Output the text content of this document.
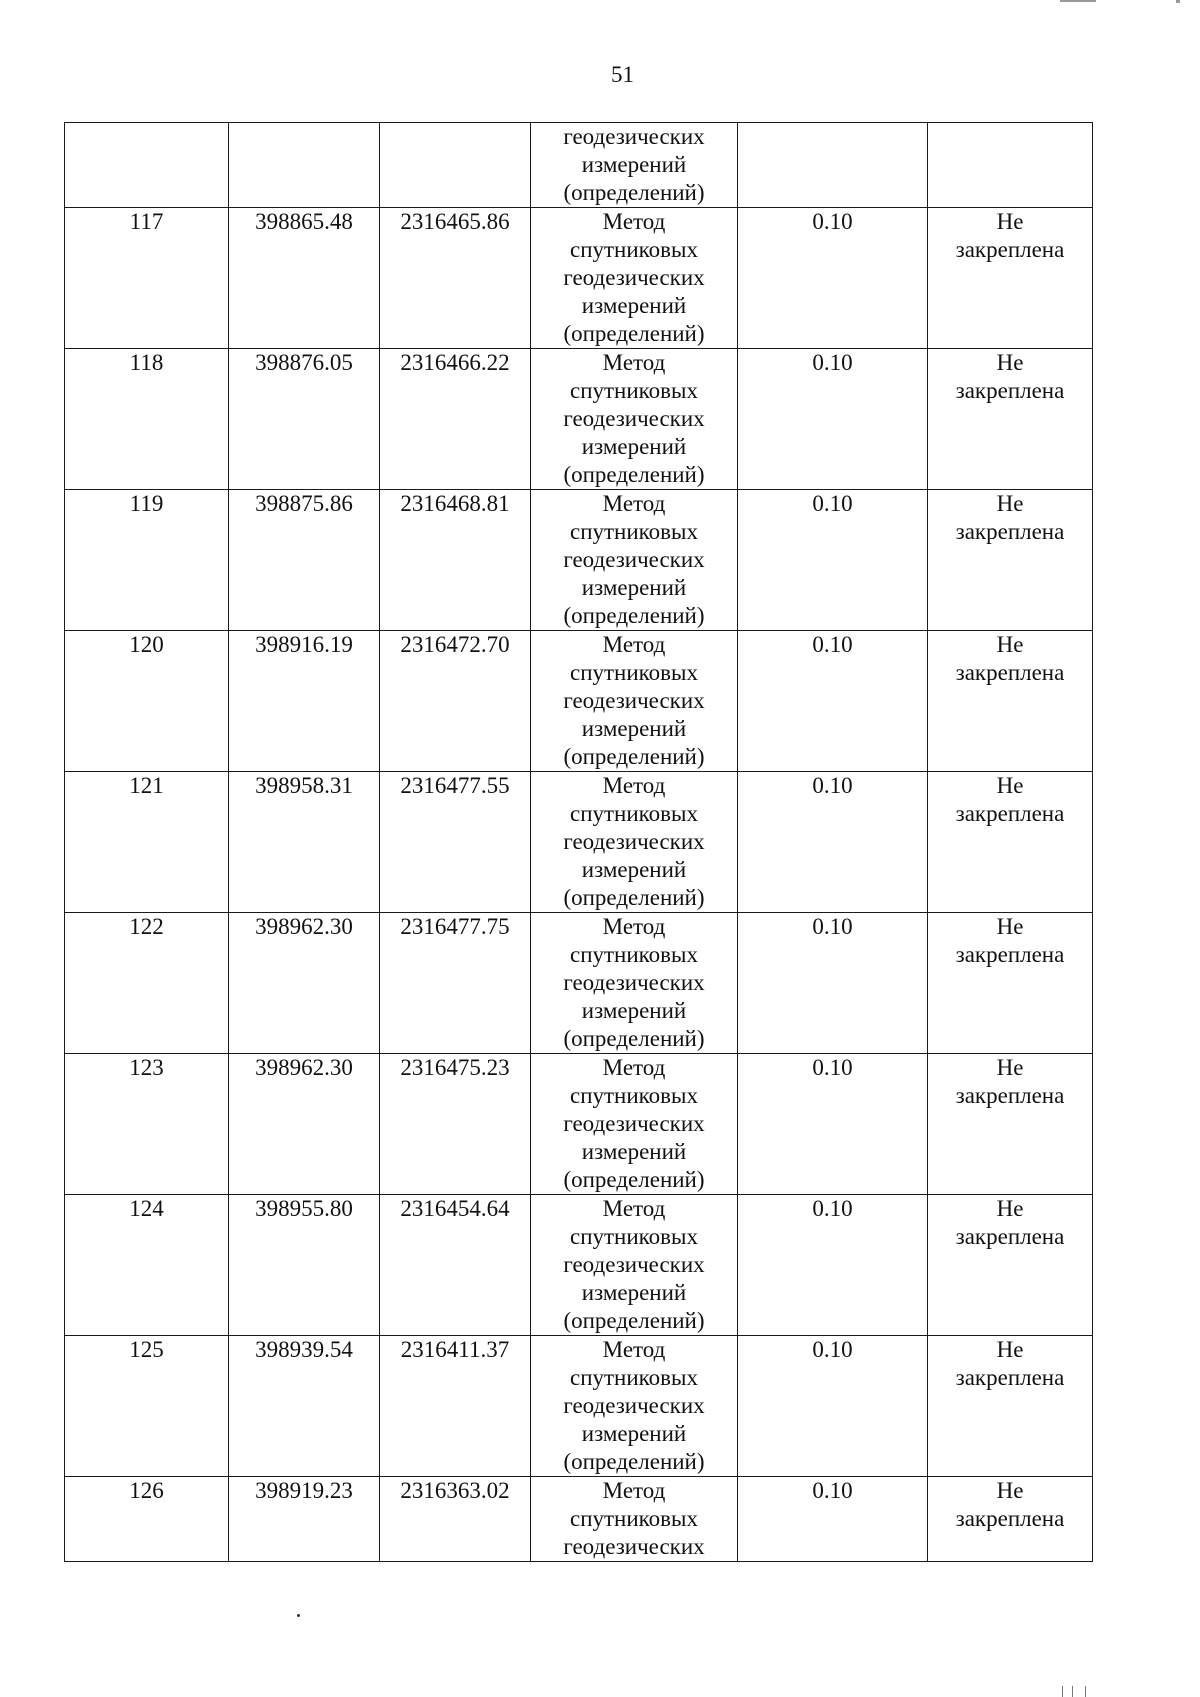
51

			геодезических
измерений
(определений)		

117	398865.48	2316465.86	Метод
спутниковых
геодезических
измерений
(определений)	0.10	Не
закреплена

118	398876.05	2316466.22	Метод
спутниковых
геодезических
измерений
(определений)	0.10	Не
закреплена

119	398875.86	2316468.81	Метод
спутниковых
геодезических
измерений
(определений)	0.10	Не
закреплена

120	398916.19	2316472.70	Метод
спутниковых
геодезических
измерений
(определений)	0.10	Не
закреплена

121	398958.31	2316477.55	Метод
спутниковых
геодезических
измерений
(определений)	0.10	Не
закреплена

122	398962.30	2316477.75	Метод
спутниковых
геодезических
измерений
(определений)	0.10	Не
закреплена

123	398962.30	2316475.23	Метод
спутниковых
геодезических
измерений
(определений)	0.10	Не
закреплена

124	398955.80	2316454.64	Метод
спутниковых
геодезических
измерений
(определений)	0.10	Не
закреплена

125	398939.54	2316411.37	Метод
спутниковых
геодезических
измерений
(определений)	0.10	Не
закреплена

126	398919.23	2316363.02	Метод
спутниковых
геодезических	0.10	Не
закреплена
